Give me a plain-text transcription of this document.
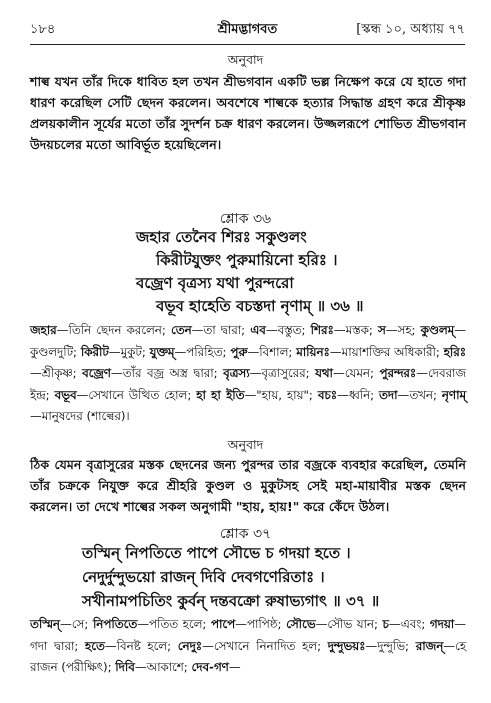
১৮৪	শ্রীমদ্ভাগবত	[স্কন্ধ ১০, অধ্যায় ৭৭
অনুবাদ
শাল্ব যখন তাঁর দিকে ধাবিত হল তখন শ্রীভগবান একটি ভল্ল নিক্ষেপ করে যে হাতে গদা ধারণ করেছিল সেটি ছেদন করলেন। অবশেষে শাল্বকে হত্যার সিদ্ধান্ত গ্রহণ করে শ্রীকৃষ্ণ প্রলয়কালীন সূর্যের মতো তাঁর সুদর্শন চক্র ধারণ করলেন। উজ্জলরূপে শোভিত শ্রীভগবান উদয়চলের মতো আবির্ভূত হয়েছিলেন।
শ্লোক ৩৬
জহার তেনৈব শিরঃ সকুণ্ডলং
কিরীটযুক্তং পুরুমায়িনো হরিঃ ।
বজ্রেণ বৃত্রস্য যথা পুরন্দরো
বভূব হাহেতি বচস্তদা নৃণাম্‌ ॥ ৩৬ ॥
জহার—তিনি ছেদন করলেন; তেন—তা দ্বারা; এব—বস্তুত; শিরঃ—মস্তক; স—সহ; কুণ্ডলম্‌—কুণ্ডলদুটি; কিরীট—মুকুট; যুক্তম্‌—পরিহিত; পুরু—বিশাল; মায়িনঃ—মায়াশক্তির অধিকারী; হরিঃ—শ্রীকৃষ্ণ; বজ্রেণ—তাঁর বজ্র অস্ত্র দ্বারা; বৃত্রস্য—বৃত্রাসুরের; যথা—যেমন; পুরন্দরঃ—দেবরাজ ইন্দ্র; বভূব—সেখানে উত্থিত হোল; হা হা ইতি—"হায়, হায়"; বচঃ—ধ্বনি; তদা—তখন; নৃণাম্‌—মানুষদের (শাল্বের)।
অনুবাদ
ঠিক যেমন বৃত্রাসুরের মস্তক ছেদনের জন্য পুরন্দর তার বজ্রকে ব্যবহার করেছিল, তেমনি তাঁর চক্রকে নিযুক্ত করে শ্রীহরি কুণ্ডল ও মুকুটসহ সেই মহা-মায়াবীর মস্তক ছেদন করলেন। তা দেখে শাল্বের সকল অনুগামী "হায়, হায়!" করে কেঁদে উঠল।
শ্লোক ৩৭
তস্মিন্‌ নিপতিতে পাপে সৌভে চ গদয়া হতে ।
নেদুর্দুন্দুভয়ো রাজন্‌ দিবি দেবগণেরিতাঃ ।
সখীনামপচিতিং কুর্বন্‌ দন্তবক্রো রুষাভ্যগাৎ ॥ ৩৭ ॥
তস্মিন্‌—সে; নিপতিতে—পতিত হলে; পাপে—পাপিষ্ঠ; সৌভে—সৌভ যান; চ—এবং; গদয়া—গদা দ্বারা; হতে—বিনষ্ট হলে; নেদুঃ—সেখানে নিনাদিত হল; দুন্দুভয়ঃ—দুন্দুভি; রাজন্‌—হে রাজন (পরীক্ষিৎ); দিবি—আকাশে; দেব-গণ—
